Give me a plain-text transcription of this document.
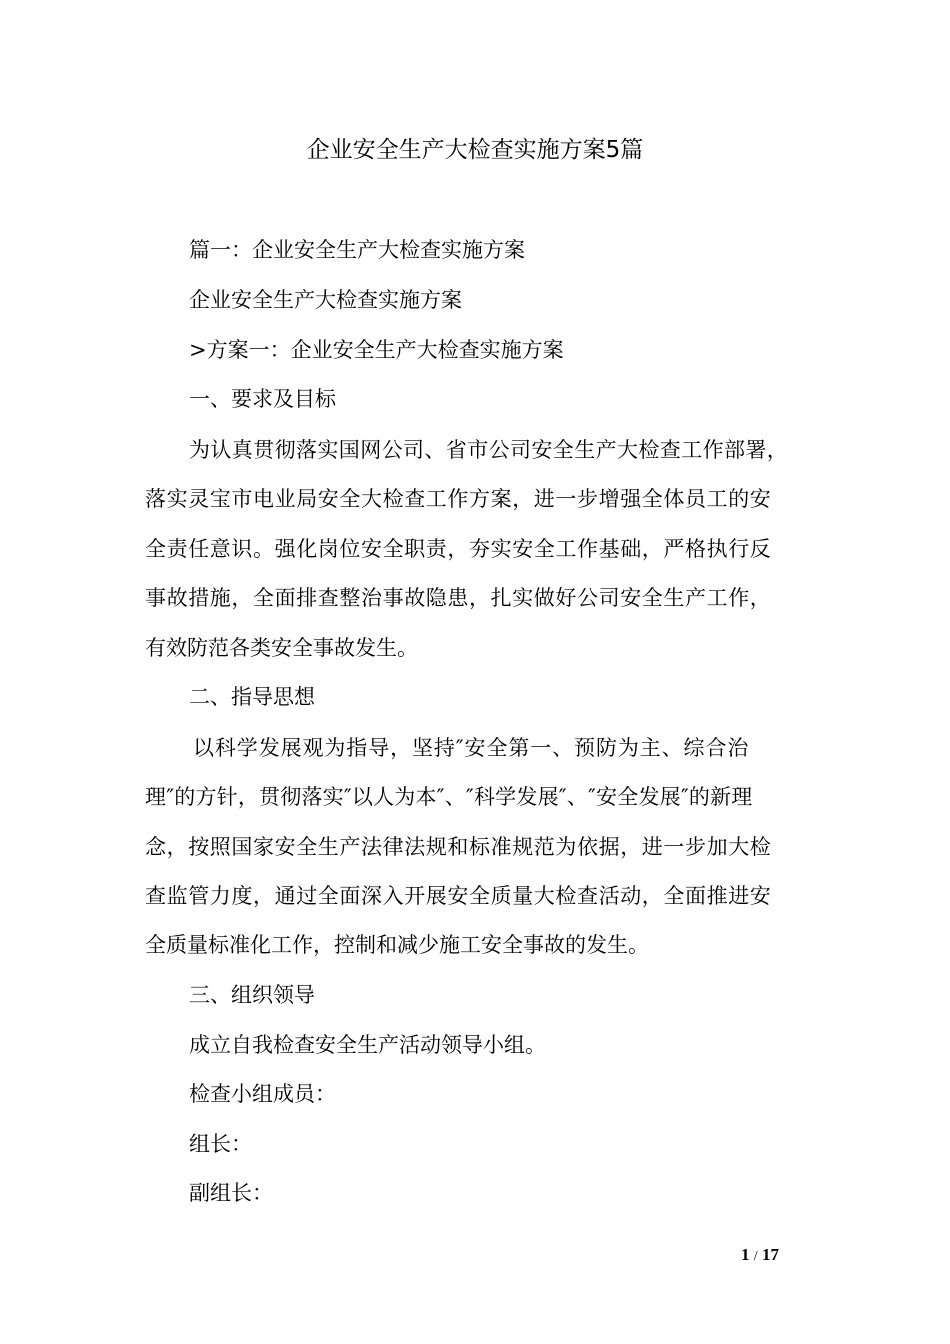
企业安全生产大检查实施方案5篇

篇一：企业安全生产大检查实施方案

企业安全生产大检查实施方案

>方案一：企业安全生产大检查实施方案

一、要求及目标

为认真贯彻落实国网公司、省市公司安全生产大检查工作部署，

落实灵宝市电业局安全大检查工作方案，进一步增强全体员工的安

全责任意识。强化岗位安全职责，夯实安全工作基础，严格执行反

事故措施，全面排查整治事故隐患，扎实做好公司安全生产工作，

有效防范各类安全事故发生。

二、指导思想

以科学发展观为指导，坚持″安全第一、预防为主、综合治

理″的方针，贯彻落实″以人为本″、″科学发展″、″安全发展″的新理

念，按照国家安全生产法律法规和标准规范为依据，进一步加大检

查监管力度，通过全面深入开展安全质量大检查活动，全面推进安

全质量标准化工作，控制和减少施工安全事故的发生。

三、组织领导

成立自我检查安全生产活动领导小组。

检查小组成员：

组长：

副组长：

1 / 17
